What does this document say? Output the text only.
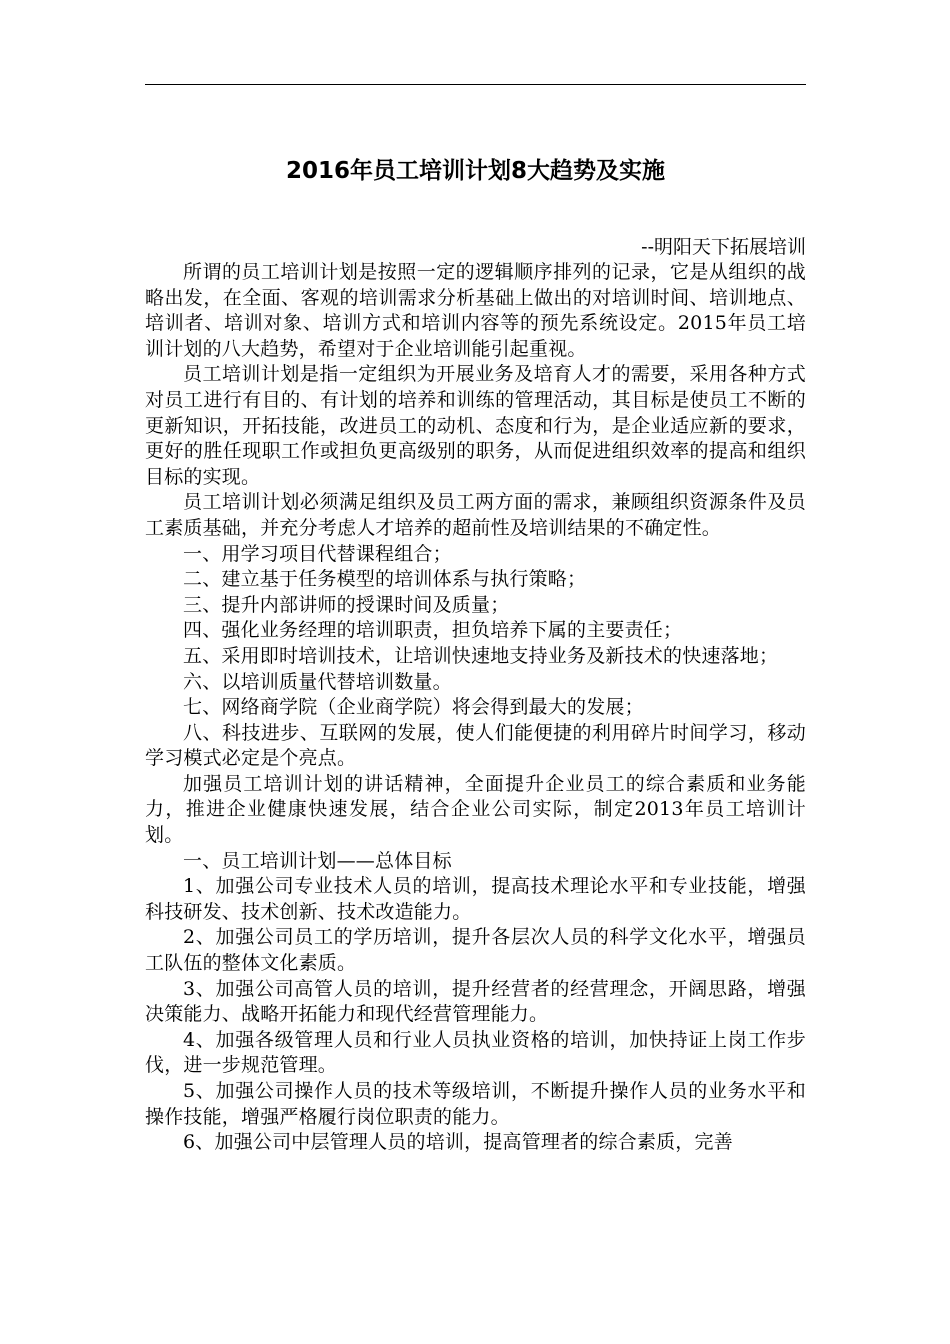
2016年员工培训计划8大趋势及实施
--明阳天下拓展培训

所谓的员工培训计划是按照一定的逻辑顺序排列的记录，它是从组织的战略出发，在全面、客观的培训需求分析基础上做出的对培训时间、培训地点、培训者、培训对象、培训方式和培训内容等的预先系统设定。2015年员工培训计划的八大趋势，希望对于企业培训能引起重视。

员工培训计划是指一定组织为开展业务及培育人才的需要，采用各种方式对员工进行有目的、有计划的培养和训练的管理活动，其目标是使员工不断的更新知识，开拓技能，改进员工的动机、态度和行为，是企业适应新的要求，更好的胜任现职工作或担负更高级别的职务，从而促进组织效率的提高和组织目标的实现。

员工培训计划必须满足组织及员工两方面的需求，兼顾组织资源条件及员工素质基础，并充分考虑人才培养的超前性及培训结果的不确定性。

一、用学习项目代替课程组合；

二、建立基于任务模型的培训体系与执行策略；

三、提升内部讲师的授课时间及质量；

四、强化业务经理的培训职责，担负培养下属的主要责任；

五、采用即时培训技术，让培训快速地支持业务及新技术的快速落地；

六、以培训质量代替培训数量。

七、网络商学院（企业商学院）将会得到最大的发展；

八、科技进步、互联网的发展，使人们能便捷的利用碎片时间学习，移动学习模式必定是个亮点。

加强员工培训计划的讲话精神，全面提升企业员工的综合素质和业务能力，推进企业健康快速发展，结合企业公司实际，制定2013年员工培训计划。

一、员工培训计划——总体目标

1、加强公司专业技术人员的培训，提高技术理论水平和专业技能，增强科技研发、技术创新、技术改造能力。

2、加强公司员工的学历培训，提升各层次人员的科学文化水平，增强员工队伍的整体文化素质。

3、加强公司高管人员的培训，提升经营者的经营理念，开阔思路，增强决策能力、战略开拓能力和现代经营管理能力。

4、加强各级管理人员和行业人员执业资格的培训，加快持证上岗工作步伐，进一步规范管理。

5、加强公司操作人员的技术等级培训，不断提升操作人员的业务水平和操作技能，增强严格履行岗位职责的能力。

6、加强公司中层管理人员的培训，提高管理者的综合素质，完善
